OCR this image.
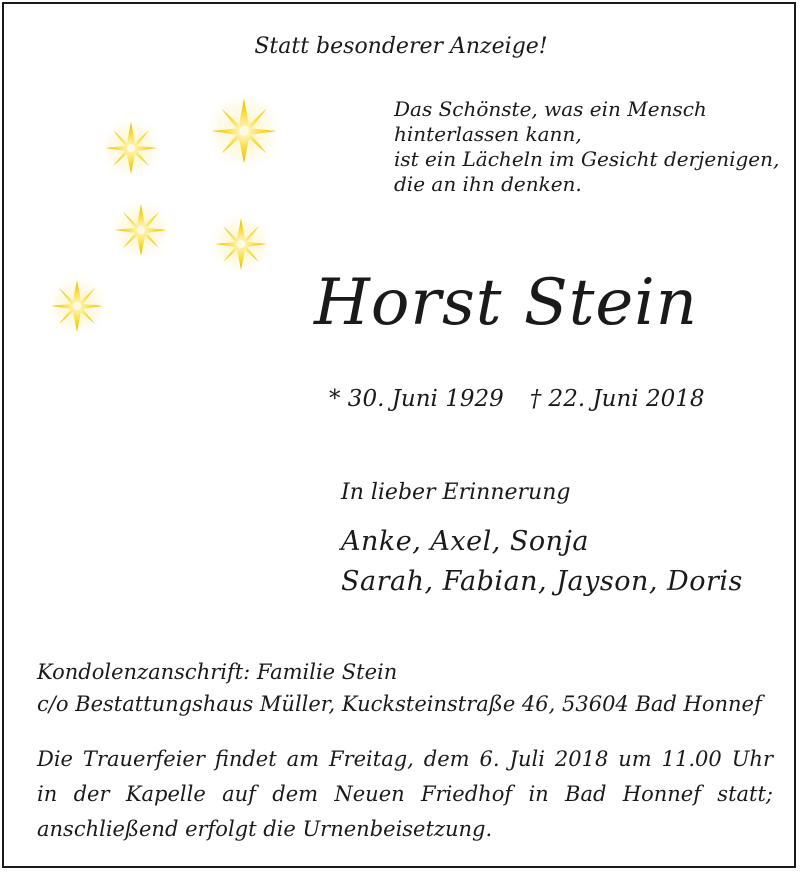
Statt besonderer Anzeige!
Das Schönste, was ein Mensch
hinterlassen kann,
ist ein Lächeln im Gesicht derjenigen,
die an ihn denken.
Horst Stein
* 30. Juni 1929 † 22. Juni 2018
In lieber Erinnerung
Anke, Axel, Sonja
Sarah, Fabian, Jayson, Doris
Kondolenzanschrift: Familie Stein
c/o Bestattungshaus Müller, Kucksteinstraße 46, 53604 Bad Honnef
Die Trauerfeier findet am Freitag, dem 6. Juli 2018 um 11.00 Uhr
in der Kapelle auf dem Neuen Friedhof in Bad Honnef statt;
anschließend erfolgt die Urnenbeisetzung.
